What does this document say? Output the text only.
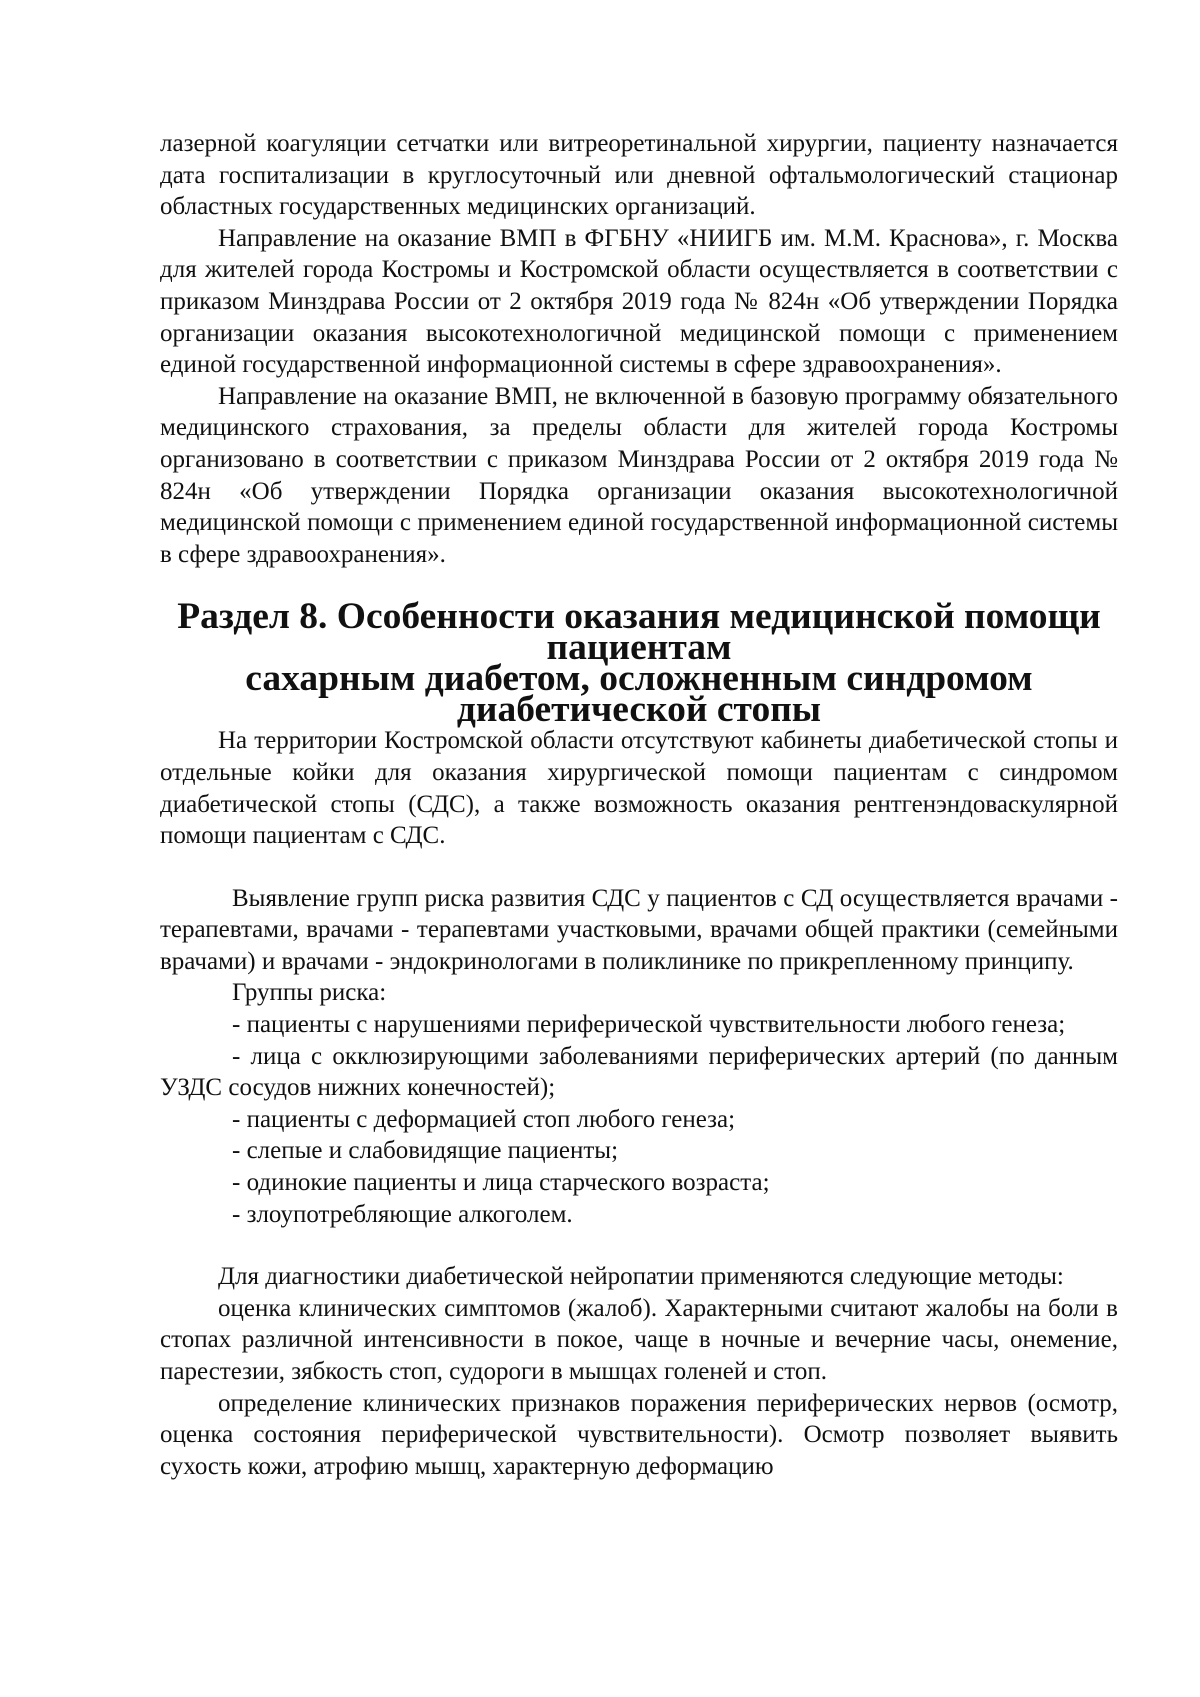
лазерной коагуляции сетчатки или витреоретинальной хирургии, пациенту назначается дата госпитализации в круглосуточный или дневной офтальмологический стационар областных государственных медицинских организаций.

Направление на оказание ВМП в ФГБНУ «НИИГБ им. М.М. Краснова», г. Москва для жителей города Костромы и Костромской области осуществляется в соответствии с приказом Минздрава России от 2 октября 2019 года № 824н «Об утверждении Порядка организации оказания высокотехнологичной медицинской помощи с применением единой государственной информационной системы в сфере здравоохранения».

Направление на оказание ВМП, не включенной в базовую программу обязательного медицинского страхования, за пределы области для жителей города Костромы организовано в соответствии с приказом Минздрава России от 2 октября 2019 года № 824н «Об утверждении Порядка организации оказания высокотехнологичной медицинской помощи с применением единой государственной информационной системы в сфере здравоохранения».

Раздел 8. Особенности оказания медицинской помощи пациентам
сахарным диабетом, осложненным синдромом диабетической стопы

На территории Костромской области отсутствуют кабинеты диабетической стопы и отдельные койки для оказания хирургической помощи пациентам с синдромом диабетической стопы (СДС), а также возможность оказания рентгенэндоваскулярной помощи пациентам с СДС.

Выявление групп риска развития СДС у пациентов с СД осуществляется врачами - терапевтами, врачами - терапевтами участковыми, врачами общей практики (семейными врачами) и врачами - эндокринологами в поликлинике по прикрепленному принципу.

Группы риска:

- пациенты с нарушениями периферической чувствительности любого генеза;

- лица с окклюзирующими заболеваниями периферических артерий (по данным УЗДС сосудов нижних конечностей);

- пациенты с деформацией стоп любого генеза;

- слепые и слабовидящие пациенты;

- одинокие пациенты и лица старческого возраста;

- злоупотребляющие алкоголем.

Для диагностики диабетической нейропатии применяются следующие методы:

оценка клинических симптомов (жалоб). Характерными считают жалобы на боли в стопах различной интенсивности в покое, чаще в ночные и вечерние часы, онемение, парестезии, зябкость стоп, судороги в мышцах голеней и стоп.

определение клинических признаков поражения периферических нервов (осмотр, оценка состояния периферической чувствительности). Осмотр позволяет выявить сухость кожи, атрофию мышц, характерную деформацию
